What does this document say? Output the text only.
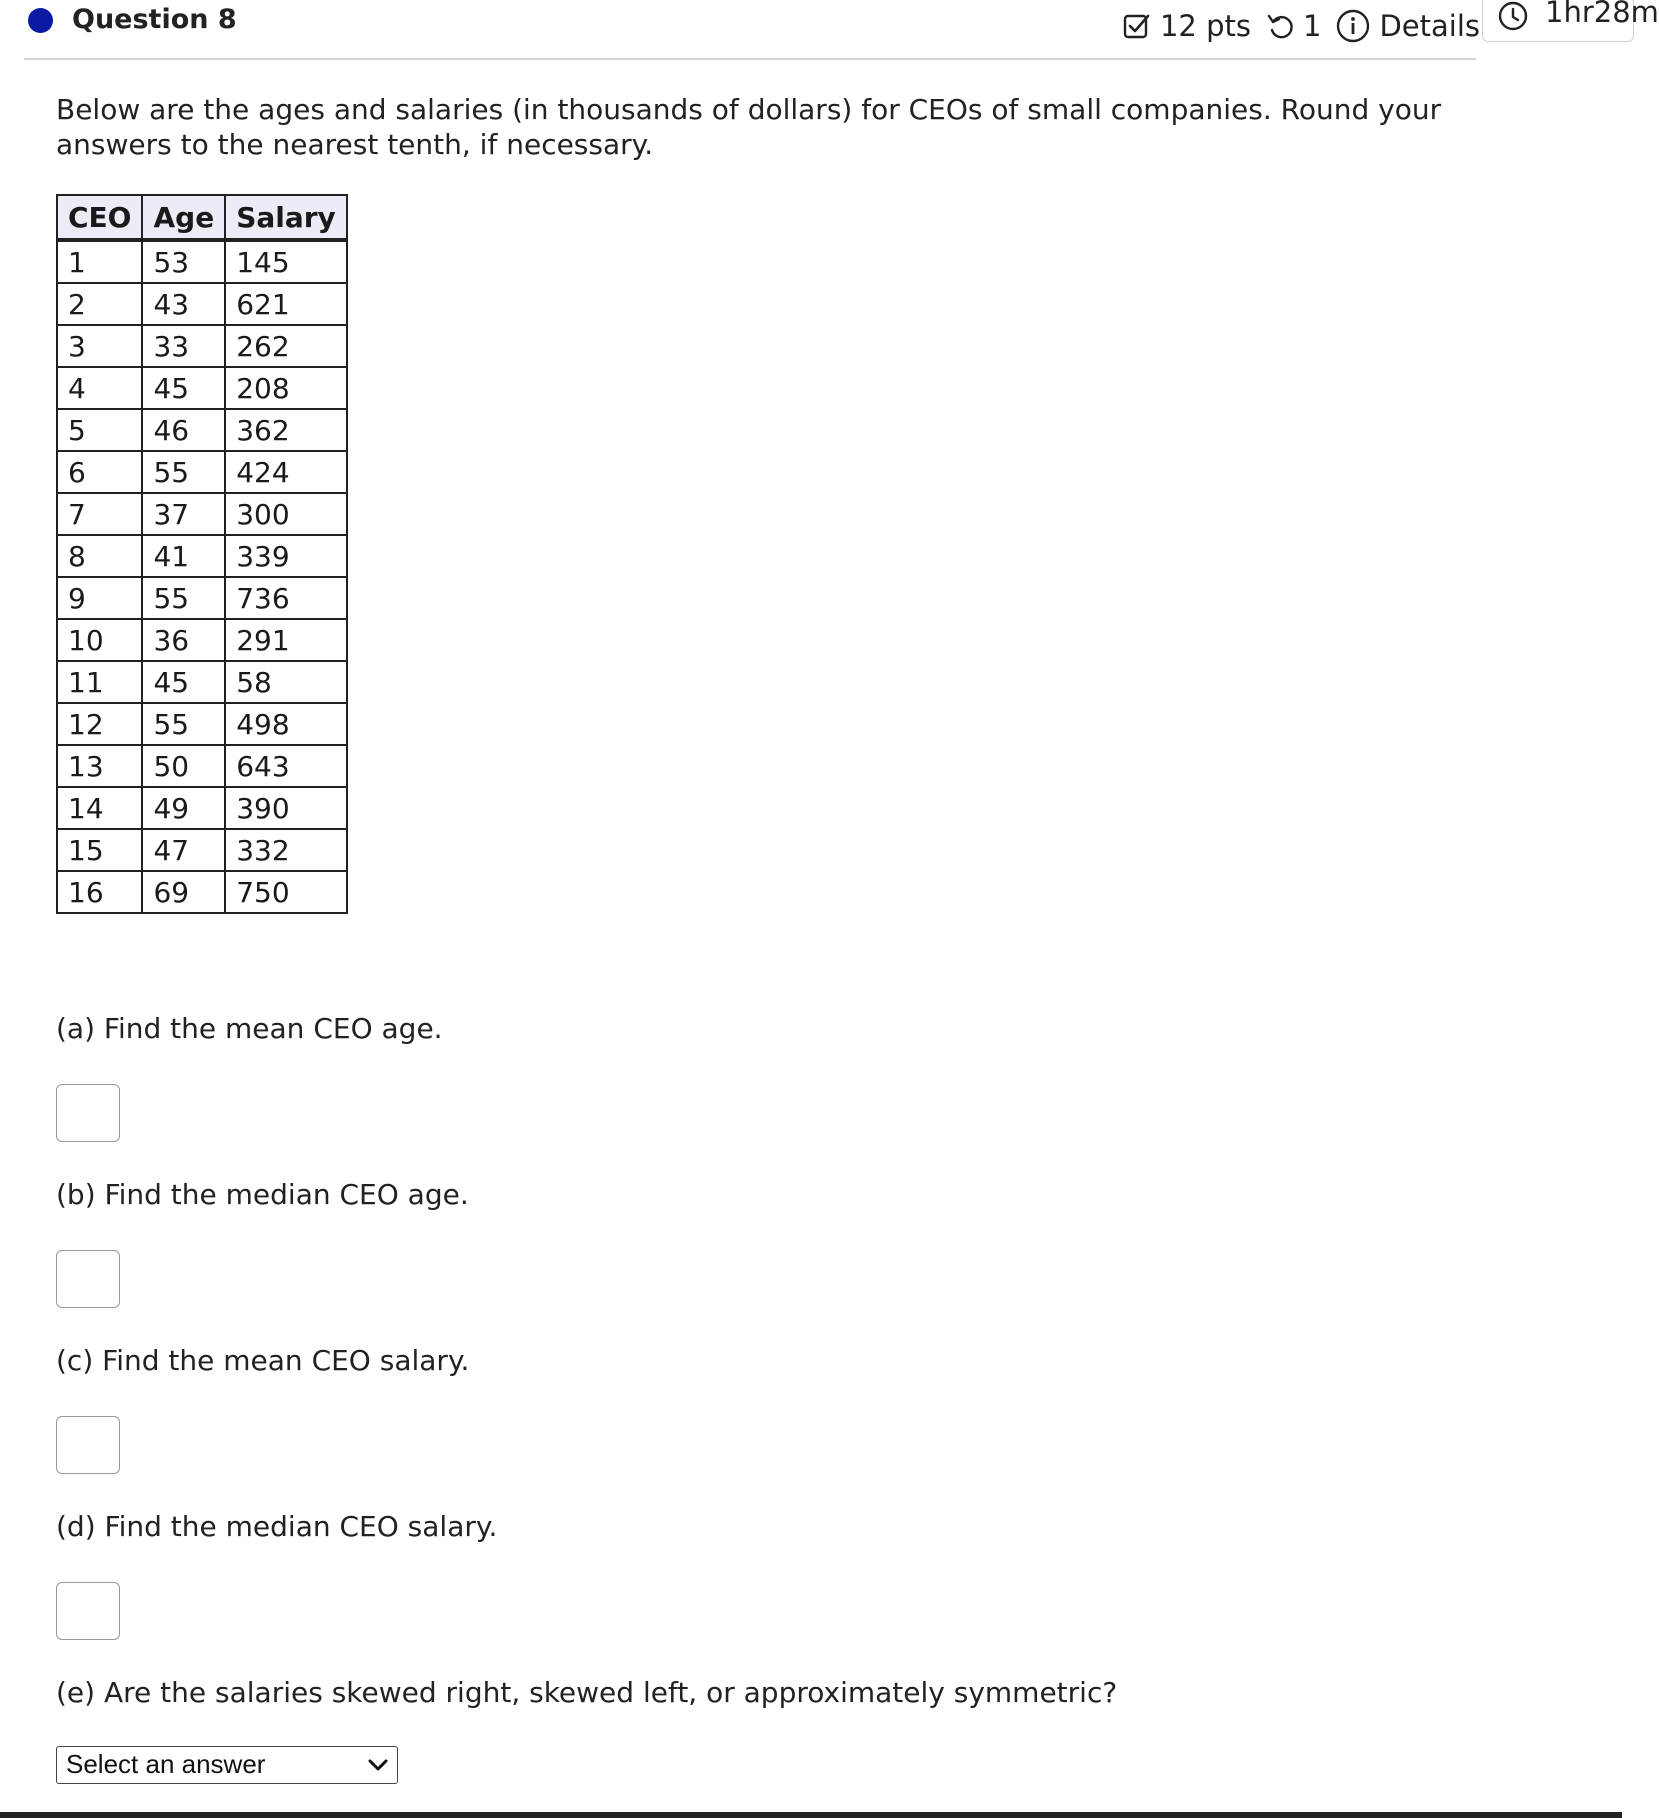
Question 8	12 pts 1 Details 1hr28m
Below are the ages and salaries (in thousands of dollars) for CEOs of small companies. Round your answers to the nearest tenth, if necessary.
CEO	Age	Salary
1	53	145
2	43	621
3	33	262
4	45	208
5	46	362
6	55	424
7	37	300
8	41	339
9	55	736
10	36	291
11	45	58
12	55	498
13	50	643
14	49	390
15	47	332
16	69	750
(a) Find the mean CEO age.
(b) Find the median CEO age.
(c) Find the mean CEO salary.
(d) Find the median CEO salary.
(e) Are the salaries skewed right, skewed left, or approximately symmetric?
Select an answer
